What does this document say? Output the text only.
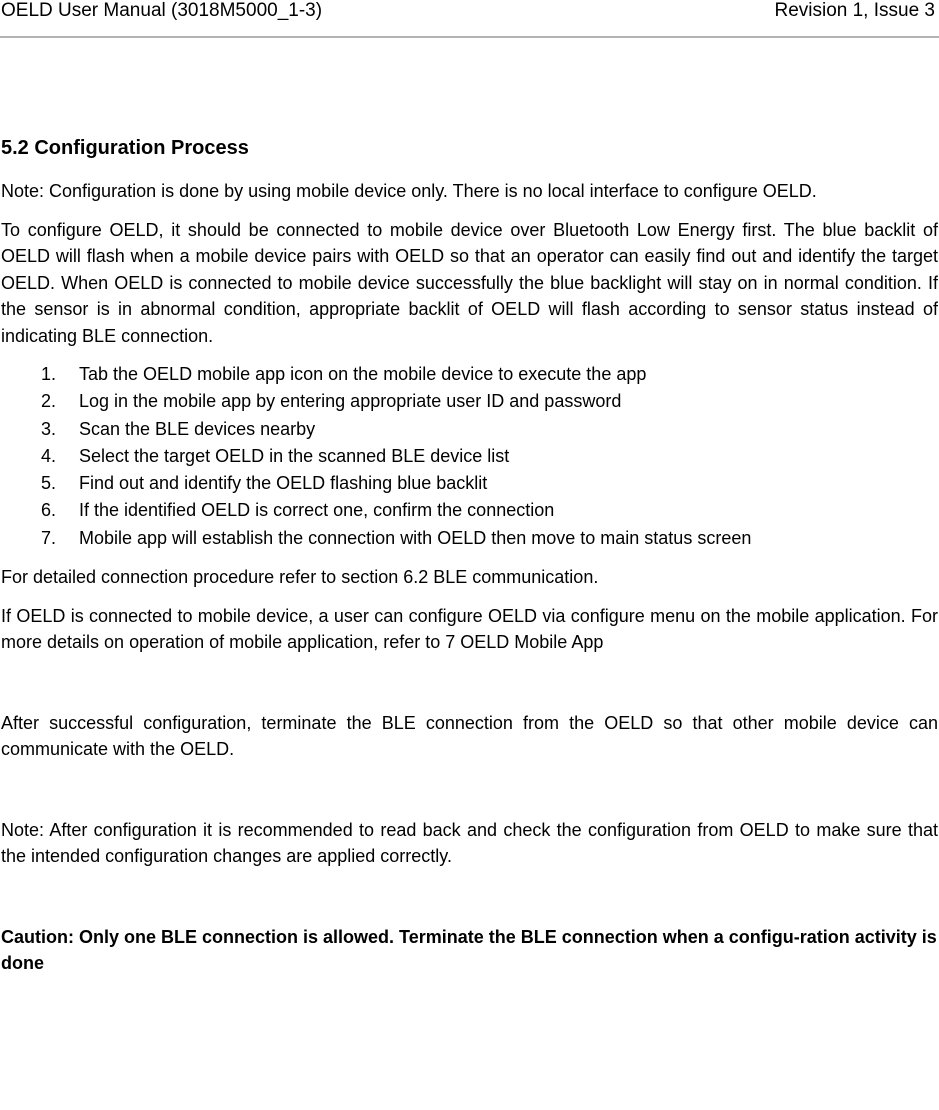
OELD User Manual (3018M5000_1-3)	Revision 1, Issue 3
5.2 Configuration Process

Note: Configuration is done by using mobile device only. There is no local interface to configure OELD.

To configure OELD, it should be connected to mobile device over Bluetooth Low Energy first. The blue backlit of OELD will flash when a mobile device pairs with OELD so that an operator can easily find out and identify the target OELD. When OELD is connected to mobile device successfully the blue backlight will stay on in normal condition. If the sensor is in abnormal condition, appropriate backlit of OELD will flash according to sensor status instead of indicating BLE connection.

1. Tab the OELD mobile app icon on the mobile device to execute the app
2. Log in the mobile app by entering appropriate user ID and password
3. Scan the BLE devices nearby
4. Select the target OELD in the scanned BLE device list
5. Find out and identify the OELD flashing blue backlit
6. If the identified OELD is correct one, confirm the connection
7. Mobile app will establish the connection with OELD then move to main status screen

For detailed connection procedure refer to section 6.2 BLE communication.

If OELD is connected to mobile device, a user can configure OELD via configure menu on the mobile application. For more details on operation of mobile application, refer to 7 OELD Mobile App

After successful configuration, terminate the BLE connection from the OELD so that other mobile device can communicate with the OELD.

Note: After configuration it is recommended to read back and check the configuration from OELD to make sure that the intended configuration changes are applied correctly.

Caution: Only one BLE connection is allowed. Terminate the BLE connection when a configu-ration activity is done
